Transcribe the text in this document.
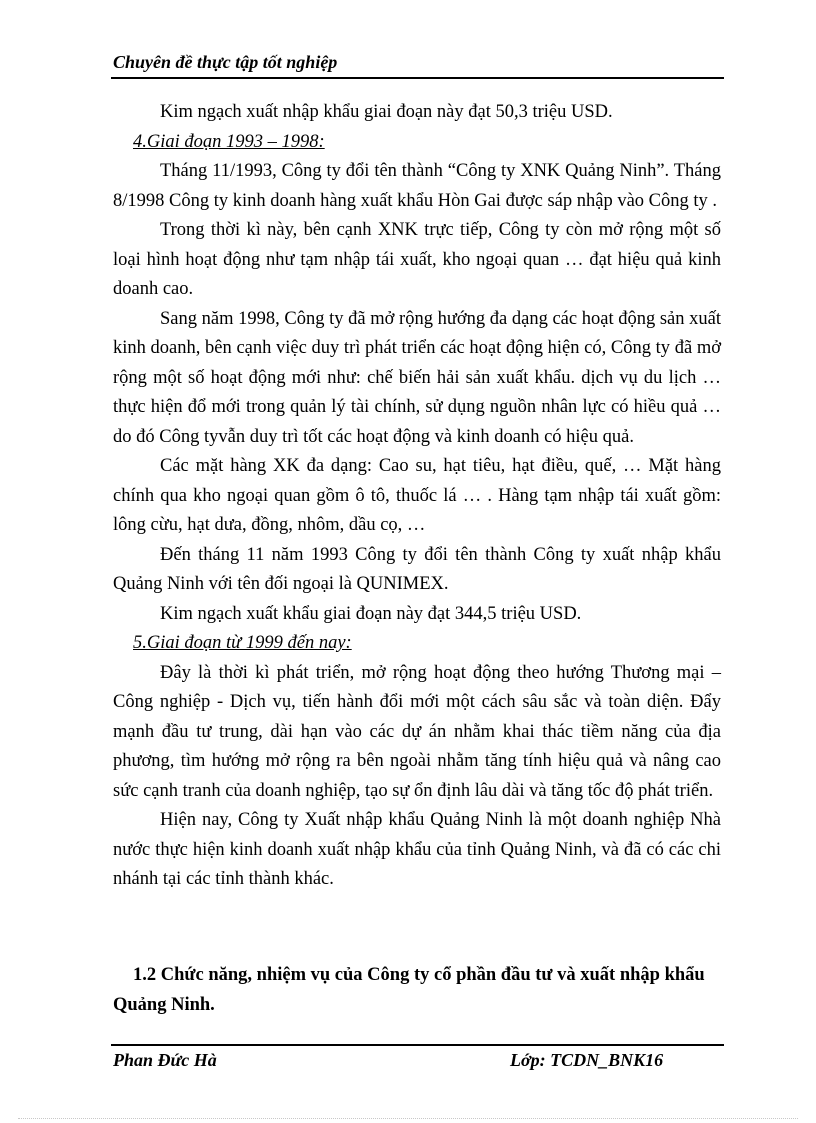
Chuyên đề thực tập tốt nghiệp

Kim ngạch xuất nhập khẩu giai đoạn này đạt 50,3 triệu USD.

4.Giai đoạn 1993 – 1998:

Tháng 11/1993, Công ty đổi tên thành “Công ty XNK Quảng Ninh”. Tháng 8/1998 Công ty kinh doanh hàng xuất khẩu Hòn Gai được sáp nhập vào Công ty .

Trong thời kì này, bên cạnh XNK trực tiếp, Công ty còn mở rộng một số loại hình hoạt động như tạm nhập tái xuất, kho ngoại quan … đạt hiệu quả kinh doanh cao.

Sang năm 1998, Công ty đã mở rộng hướng đa dạng các hoạt động sản xuất kinh doanh, bên cạnh việc duy trì phát triển các hoạt động hiện có, Công ty đã mở rộng một số hoạt động mới như: chế biến hải sản xuất khẩu. dịch vụ du lịch … thực hiện đổ mới trong quản lý tài chính, sử dụng nguồn nhân lực có hiều quả … do đó Công tyvẫn duy trì tốt các hoạt động và kinh doanh có hiệu quả.

Các mặt hàng XK đa dạng: Cao su, hạt tiêu, hạt điều, quế, … Mặt hàng chính qua kho ngoại quan gồm ô tô, thuốc lá … . Hàng tạm nhập tái xuất gồm: lông cừu, hạt dưa, đồng, nhôm, dầu cọ, …

Đến tháng 11 năm 1993 Công ty đổi tên thành Công ty xuất nhập khẩu Quảng Ninh với tên đối ngoại là QUNIMEX.

Kim ngạch xuất khẩu giai đoạn này đạt 344,5 triệu USD.

5.Giai đoạn từ 1999 đến nay:

Đây là thời kì phát triển, mở rộng hoạt động theo hướng Thương mại – Công nghiệp - Dịch vụ, tiến hành đổi mới một cách sâu sắc và toàn diện. Đẩy mạnh đầu tư trung, dài hạn vào các dự án nhằm khai thác tiềm năng của địa phương, tìm hướng mở rộng ra bên ngoài nhằm tăng tính hiệu quả và nâng cao sức cạnh tranh của doanh nghiệp, tạo sự ổn định lâu dài và tăng tốc độ phát triển.

Hiện nay, Công ty Xuất nhập khẩu Quảng Ninh là một doanh nghiệp Nhà nước thực hiện kinh doanh xuất nhập khẩu của tỉnh Quảng Ninh, và đã có các chi nhánh tại các tỉnh thành khác.

1.2 Chức năng, nhiệm vụ của Công ty cổ phần đầu tư và xuất nhập khẩu Quảng Ninh.
Phan Đức Hà	Lớp: TCDN_BNK16
